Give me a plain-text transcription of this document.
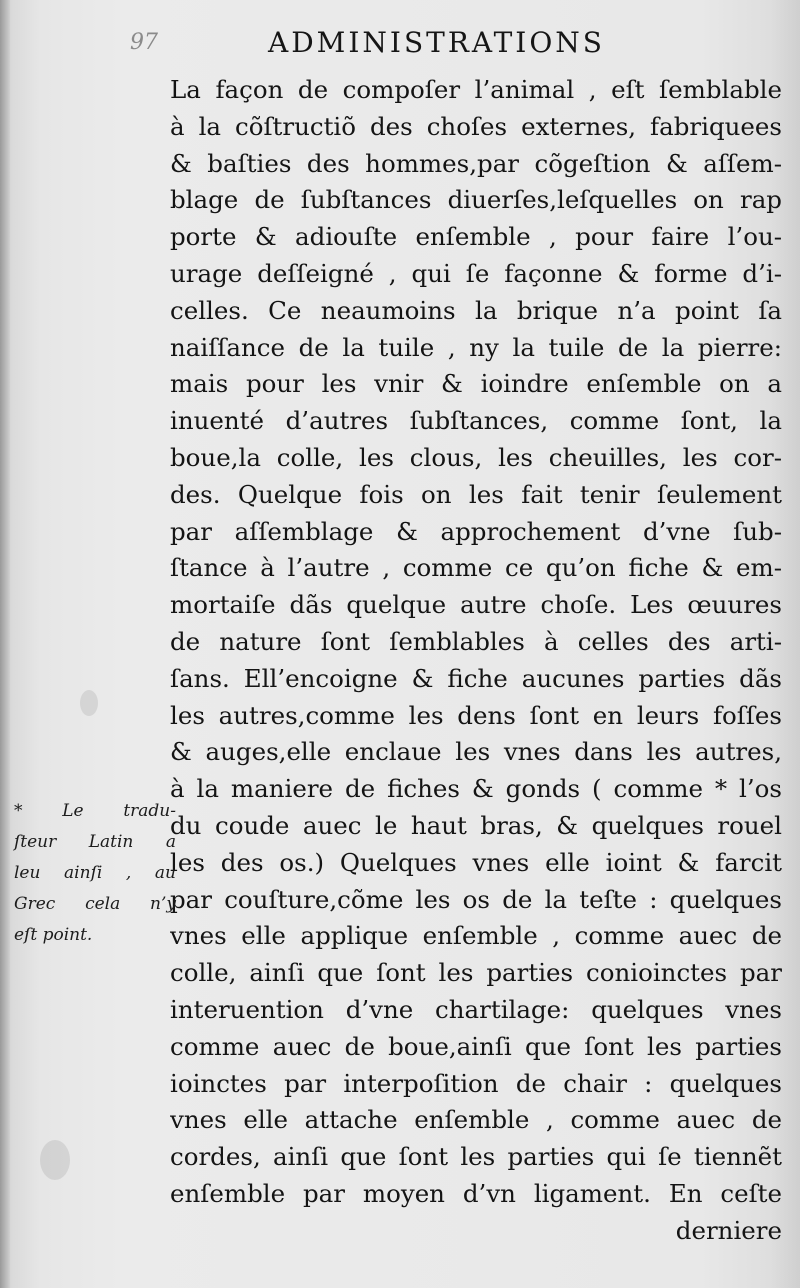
97	ADMINISTRATIONS
La façon de compoſer l’animal , eſt ſemblable
à la cõſtructiõ des choſes externes, fabriquees
& baſties des hommes,par cõgeſtion & aſſem-
blage de ſubſtances diuerſes,leſquelles on rap
porte & adiouſte enſemble , pour faire l’ou-
urage deſſeigné , qui ſe façonne & forme d’i-
celles. Ce neaumoins la brique n’a point ſa
naiſſance de la tuile , ny la tuile de la pierre:
mais pour les vnir & ioindre enſemble on a
inuenté d’autres ſubſtances, comme ſont, la
boue,la colle, les clous, les cheuilles, les cor-
des. Quelque fois on les fait tenir ſeulement
par aſſemblage & approchement d’vne ſub-
ſtance à l’autre , comme ce qu’on fiche & em-
mortaiſe dãs quelque autre choſe. Les œuures
de nature ſont ſemblables à celles des arti-
ſans. Ell’encoigne & fiche aucunes parties dãs
les autres,comme les dens ſont en leurs foſſes
& auges,elle enclaue les vnes dans les autres,
à la maniere de fiches & gonds ( comme * l’os
du coude auec le haut bras, & quelques rouel
les des os.) Quelques vnes elle ioint & farcit
par couſture,cõme les os de la teſte : quelques
vnes elle applique enſemble , comme auec de
colle, ainſi que ſont les parties conioinctes par
interuention d’vne chartilage: quelques vnes
comme auec de boue,ainſi que ſont les parties
ioinctes par interpoſition de chair : quelques
vnes elle attache enſemble , comme auec de
cordes, ainſi que ſont les parties qui ſe tiennẽt
enſemble par moyen d’vn ligament. En ceſte
derniere
* Le tradu-
ſteur Latin a
leu ainſi , au
Grec cela n’y
eſt point.
